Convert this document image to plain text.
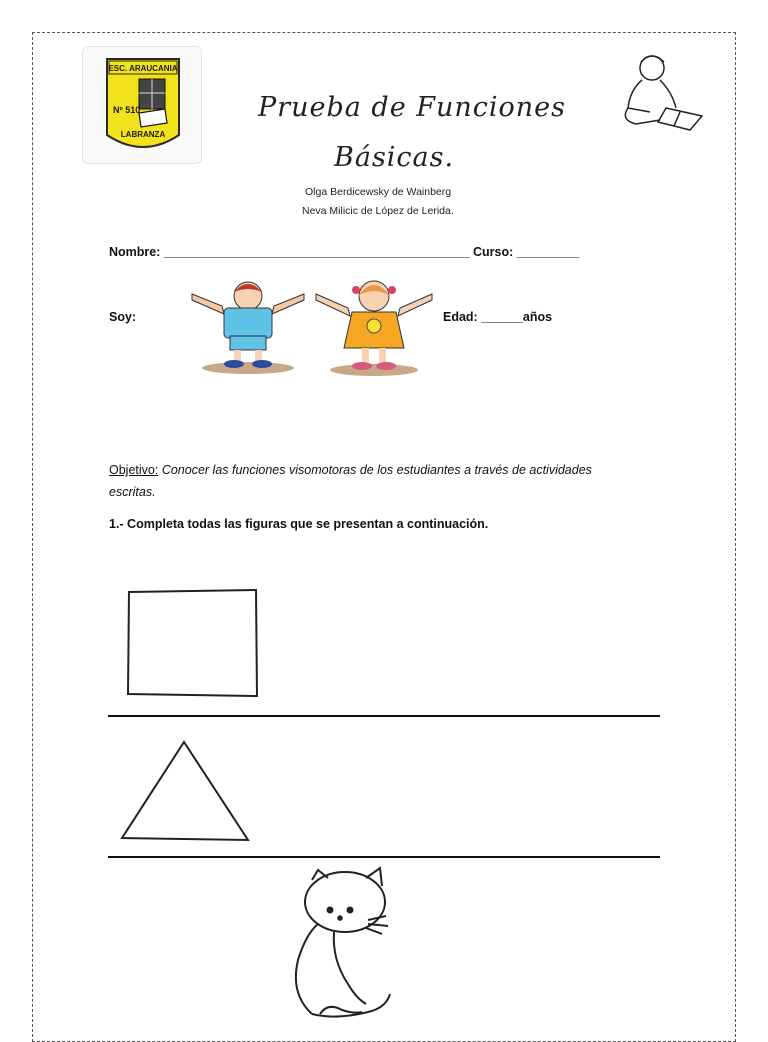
ESC. ARAUCANIA
Nº 510
LABRANZA
Prueba de Funciones
Básicas.
Olga Berdicewsky de Wainberg
Neva Milicic de López de Lerida.
Nombre: ____________________________________________ Curso: _________
Soy:	Edad: ______años
Objetivo: Conocer las funciones visomotoras de los estudiantes a través de actividades escritas.
1.- Completa todas las figuras que se presentan a continuación.
